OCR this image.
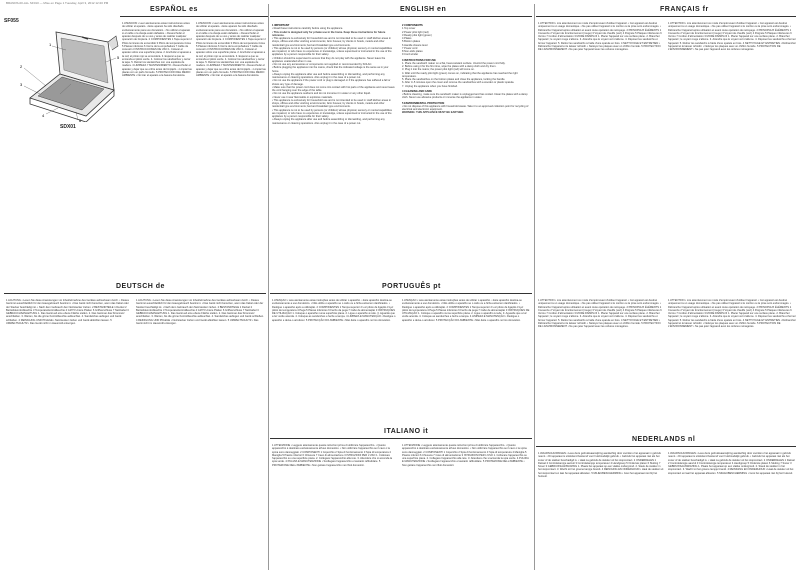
BRANDS-00-ALL SF010 — Mise en Page 1 Tuesday, April 3, 2012 12:20 PM
SF055
1
2
3
4
5
6
SDX01
ESPAÑOL es	ENGLISH en	FRANÇAIS fr
DEUTSCH de	PORTUGUÊS pt
ITALIANO it
NEDERLANDS nl
1 ATENCIÓN • Leer atentamente estas instrucciones antes de utilizar el aparato. • Este aparato ha sido diseñado exclusivamente para uso doméstico. • No utilizar el aparato si el cable o la clavija están dañados. • Desenchufar el aparato después de su uso y antes de realizar cualquier operación de limpieza. 2 COMPONENTES 1 Tapa superior 2 Piloto luminoso de encendido 3 Piloto de temperatura 4 Asa 5 Placas inferiores 6 Cierre de la empuñadura 7 Cable de conexión 3 INSTRUCCIONES DE USO 1. Colocar el aparato sobre una superficie plana. 2. Enchufar el aparato a la red; el piloto rojo se encenderá. 3. Esperar a que se encienda el piloto verde. 4. Colocar los sándwiches y cerrar la tapa. 5. Retirar los sándwiches con una espátula de madera. 4 LIMPIEZA Y MANTENIMIENTO • Desenchufar el aparato y dejar que se enfríe antes de limpiarlo. • Limpiar las placas con un paño húmedo. 5 PROTECCIÓN DEL MEDIO AMBIENTE • No tirar el aparato a la basura doméstica.
1 ATENCIÓN • Leer atentamente estas instrucciones antes de utilizar el aparato. • Este aparato ha sido diseñado exclusivamente para uso doméstico. • No utilizar el aparato si el cable o la clavija están dañados. • Desenchufar el aparato después de su uso y antes de realizar cualquier operación de limpieza. 2 COMPONENTES 1 Tapa superior 2 Piloto luminoso de encendido 3 Piloto de temperatura 4 Asa 5 Placas inferiores 6 Cierre de la empuñadura 7 Cable de conexión 3 INSTRUCCIONES DE USO 1. Colocar el aparato sobre una superficie plana. 2. Enchufar el aparato a la red; el piloto rojo se encenderá. 3. Esperar a que se encienda el piloto verde. 4. Colocar los sándwiches y cerrar la tapa. 5. Retirar los sándwiches con una espátula de madera. 4 LIMPIEZA Y MANTENIMIENTO • Desenchufar el aparato y dejar que se enfríe antes de limpiarlo. • Limpiar las placas con un paño húmedo. 5 PROTECCIÓN DEL MEDIO AMBIENTE • No tirar el aparato a la basura doméstica.
1 IMPORTANT

• Read these instructions carefully before using the appliance.

• This model is designed only for private use in the home. Keep these instructions for future reference.

• This appliance is exclusively for household use and is not intended to be used in: staff kitchen areas in shops, offices and other working environments; farm houses; by clients in hotels, motels and other residential type environments; bed and breakfast type environments.

• This appliance is not to be used by persons (or children) whose physical, sensory or mental capabilities are impaired, or who have no experience or knowledge, unless supervised or instructed in the use of the appliance by a person responsible for their safety.

• Children should be supervised to ensure that they do not play with the appliance. Never leave the appliance unattended when in use.

• Do not use any accessories or components not supplied or recommended by SOLAC.

• Before plugging the appliance into the mains, check that the indicated voltage is the same as in your home.

• Always unplug the appliance after use and before assembling or dismantling, and performing any maintenance or cleaning operations. Also unplug it in the case of a power cut.

• Do not use the appliance if the power cord or plug is damaged or if the appliance has suffered a fall or shows any type of damage.

• Make sure that the power cord does not come into contact with hot parts of the appliance and never leave the cord hanging over the edge of the table.

• Do not use the appliance outdoors and do not immerse it in water or any other liquid.

• Never use it near flammable or explosive materials.

• This appliance is exclusively for household use and is not intended to be used in: staff kitchen areas in shops, offices and other working environments; farm houses; by clients in hotels, motels and other residential type environments; bed and breakfast type environments.

• This appliance is not to be used by persons (or children) whose physical, sensory or mental capabilities are impaired, or who have no experience or knowledge, unless supervised or instructed in the use of the appliance by a person responsible for their safety.

• Always unplug the appliance after use and before assembling or dismantling, and performing any maintenance or cleaning operations. Also unplug it in the case of a power cut.

2 COMPONENTS
1 Top cover
2 Power pilot light (red)
3 Ready pilot light (green)
4 Plates
5 Bottom plates
6 Handle closure lever
7 Power cord
8 Non-stick plates
9 Cord winder
3 INSTRUCTIONS FOR USE
1. Place the sandwich maker on a flat, heat-resistant surface. Unwind the power cord fully.
2. Before using it for the first time, wipe the plates with a damp cloth and dry them.
3. Plug it into the mains; the power pilot light (red) will come on.
4. Wait until the ready pilot light (green) comes on, indicating that the appliance has reached the right temperature.
5. Place the sandwiches on the bottom plates and close the appliance, locking the handle.
6. After 3–5 minutes open the cover and remove the sandwiches with a wooden or plastic spatula.
7. Unplug the appliance when you have finished.
4 CLEANING AND CARE

• Before cleaning, make sure the sandwich maker is unplugged and has cooled. Clean the plates with a damp cloth. Never use abrasive products or immerse the appliance in water.

5 ENVIRONMENTAL PROTECTION

• Do not dispose of this appliance with household waste. Take it to an approved collection point for recycling of electrical and electronic equipment.

WARNING: THIS APPLIANCE MUST BE EARTHED.

1 ATTENTION • Lire attentivement ce mode d'emploi avant d'utiliser l'appareil. • Cet appareil est destiné uniquement à un usage domestique. • Ne pas utiliser l'appareil si le cordon ou la prise sont endommagés. • Débrancher l'appareil après utilisation et avant toute opération de nettoyage. 2 PRINCIPAUX ÉLÉMENTS 1 Couvercle 2 Voyant de fonctionnement (rouge) 3 Voyant de chauffe (vert) 4 Poignée 5 Plaques inférieures 6 Verrou 7 Cordon d'alimentation 3 MODE D'EMPLOI 1. Placer l'appareil sur une surface plane. 2. Brancher l'appareil ; le voyant rouge s'allume. 3. Attendre que le voyant vert s'allume. 4. Déposer les sandwichs et fermer l'appareil. 5. Retirer les sandwichs à l'aide d'une spatule en bois. 4 NETTOYAGE ET ENTRETIEN • Débrancher l'appareil et le laisser refroidir. • Nettoyer les plaques avec un chiffon humide. 5 PROTECTION DE L'ENVIRONNEMENT • Ne pas jeter l'appareil avec les ordures ménagères.
1 ATTENTION • Lire attentivement ce mode d'emploi avant d'utiliser l'appareil. • Cet appareil est destiné uniquement à un usage domestique. • Ne pas utiliser l'appareil si le cordon ou la prise sont endommagés. • Débrancher l'appareil après utilisation et avant toute opération de nettoyage. 2 PRINCIPAUX ÉLÉMENTS 1 Couvercle 2 Voyant de fonctionnement (rouge) 3 Voyant de chauffe (vert) 4 Poignée 5 Plaques inférieures 6 Verrou 7 Cordon d'alimentation 3 MODE D'EMPLOI 1. Placer l'appareil sur une surface plane. 2. Brancher l'appareil ; le voyant rouge s'allume. 3. Attendre que le voyant vert s'allume. 4. Déposer les sandwichs et fermer l'appareil. 5. Retirer les sandwichs à l'aide d'une spatule en bois. 4 NETTOYAGE ET ENTRETIEN • Débrancher l'appareil et le laisser refroidir. • Nettoyer les plaques avec un chiffon humide. 5 PROTECTION DE L'ENVIRONNEMENT • Ne pas jeter l'appareil avec les ordures ménagères.
1 ACHTUNG • Lesen Sie diese Anweisungen vor Inbetriebnahme des Gerätes aufmerksam durch. • Dieses Gerät ist ausschließlich für den Hausgebrauch bestimmt. • Das Gerät nicht benutzen, wenn das Kabel oder der Stecker beschädigt ist. • Nach dem Gebrauch den Netzstecker ziehen. 2 BESTANDTEILE 1 Deckel 2 Betriebskontrollleuchte 3 Temperaturkontrollleuchte 4 Griff 5 Untere Platten 6 Griffverschluss 7 Netzkabel 3 GEBRAUCHSANLEITUNG 1. Das Gerät auf eine ebene Fläche stellen. 2. Das Gerät an das Stromnetz anschließen. 3. Warten, bis die grüne Kontrollleuchte aufleuchtet. 4. Sandwiches auflegen und Gerät schließen. 4 REINIGUNG UND PFLEGE • Netzstecker ziehen und Gerät abkühlen lassen. 5 UMWELTSCHUTZ • Das Gerät nicht im Hausmüll entsorgen.
1 ACHTUNG • Lesen Sie diese Anweisungen vor Inbetriebnahme des Gerätes aufmerksam durch. • Dieses Gerät ist ausschließlich für den Hausgebrauch bestimmt. • Das Gerät nicht benutzen, wenn das Kabel oder der Stecker beschädigt ist. • Nach dem Gebrauch den Netzstecker ziehen. 2 BESTANDTEILE 1 Deckel 2 Betriebskontrollleuchte 3 Temperaturkontrollleuchte 4 Griff 5 Untere Platten 6 Griffverschluss 7 Netzkabel 3 GEBRAUCHSANLEITUNG 1. Das Gerät auf eine ebene Fläche stellen. 2. Das Gerät an das Stromnetz anschließen. 3. Warten, bis die grüne Kontrollleuchte aufleuchtet. 4. Sandwiches auflegen und Gerät schließen. 4 REINIGUNG UND PFLEGE • Netzstecker ziehen und Gerät abkühlen lassen. 5 UMWELTSCHUTZ • Das Gerät nicht im Hausmüll entsorgen.
1 ATENÇÃO • Leia atentamente estas instruções antes de utilizar o aparelho. • Este aparelho destina-se exclusivamente a uso doméstico. • Não utilize o aparelho se o cabo ou a ficha estiverem danificados. • Desligue o aparelho após a utilização. 2 COMPONENTES 1 Tampa superior 2 Luz piloto de ligação 3 Luz piloto de temperatura 4 Pega 5 Placas inferiores 6 Fecho da pega 7 Cabo de alimentação 3 INSTRUÇÕES DE UTILIZAÇÃO 1. Coloque o aparelho numa superfície plana. 2. Ligue o aparelho à rede. 3. Aguarde que a luz verde acenda. 4. Coloque as sanduíches e feche a tampa. 4 LIMPEZA E MANUTENÇÃO • Desligue o aparelho e deixe-o arrefecer. 5 PROTECÇÃO DO AMBIENTE • Não deite o aparelho no lixo doméstico.
1 ATENÇÃO • Leia atentamente estas instruções antes de utilizar o aparelho. • Este aparelho destina-se exclusivamente a uso doméstico. • Não utilize o aparelho se o cabo ou a ficha estiverem danificados. • Desligue o aparelho após a utilização. 2 COMPONENTES 1 Tampa superior 2 Luz piloto de ligação 3 Luz piloto de temperatura 4 Pega 5 Placas inferiores 6 Fecho da pega 7 Cabo de alimentação 3 INSTRUÇÕES DE UTILIZAÇÃO 1. Coloque o aparelho numa superfície plana. 2. Ligue o aparelho à rede. 3. Aguarde que a luz verde acenda. 4. Coloque as sanduíches e feche a tampa. 4 LIMPEZA E MANUTENÇÃO • Desligue o aparelho e deixe-o arrefecer. 5 PROTECÇÃO DO AMBIENTE • Não deite o aparelho no lixo doméstico.
1 ATTENZIONE • Leggere attentamente queste istruzioni prima di utilizzare l'apparecchio. • Questo apparecchio è destinato esclusivamente all'uso domestico. • Non utilizzare l'apparecchio se il cavo o la spina sono danneggiati. 2 COMPONENTI 1 Coperchio 2 Spia di funzionamento 3 Spia di temperatura 4 Maniglia 5 Piastre inferiori 6 Chiusura 7 Cavo di alimentazione 3 ISTRUZIONI PER L'USO 1. Collocare l'apparecchio su una superficie piana. 2. Collegare l'apparecchio alla rete. 3. Attendere che si accenda la spia verde. 4 PULIZIA E MANUTENZIONE • Scollegare l'apparecchio e lasciarlo raffreddare. 5 PROTEZIONE DELL'AMBIENTE • Non gettare l'apparecchio nei rifiuti domestici.
1 ATTENZIONE • Leggere attentamente queste istruzioni prima di utilizzare l'apparecchio. • Questo apparecchio è destinato esclusivamente all'uso domestico. • Non utilizzare l'apparecchio se il cavo o la spina sono danneggiati. 2 COMPONENTI 1 Coperchio 2 Spia di funzionamento 3 Spia di temperatura 4 Maniglia 5 Piastre inferiori 6 Chiusura 7 Cavo di alimentazione 3 ISTRUZIONI PER L'USO 1. Collocare l'apparecchio su una superficie piana. 2. Collegare l'apparecchio alla rete. 3. Attendere che si accenda la spia verde. 4 PULIZIA E MANUTENZIONE • Scollegare l'apparecchio e lasciarlo raffreddare. 5 PROTEZIONE DELL'AMBIENTE • Non gettare l'apparecchio nei rifiuti domestici.
1 ATTENTION • Lire attentivement ce mode d'emploi avant d'utiliser l'appareil. • Cet appareil est destiné uniquement à un usage domestique. • Ne pas utiliser l'appareil si le cordon ou la prise sont endommagés. • Débrancher l'appareil après utilisation et avant toute opération de nettoyage. 2 PRINCIPAUX ÉLÉMENTS 1 Couvercle 2 Voyant de fonctionnement (rouge) 3 Voyant de chauffe (vert) 4 Poignée 5 Plaques inférieures 6 Verrou 7 Cordon d'alimentation 3 MODE D'EMPLOI 1. Placer l'appareil sur une surface plane. 2. Brancher l'appareil ; le voyant rouge s'allume. 3. Attendre que le voyant vert s'allume. 4. Déposer les sandwichs et fermer l'appareil. 5. Retirer les sandwichs à l'aide d'une spatule en bois. 4 NETTOYAGE ET ENTRETIEN • Débrancher l'appareil et le laisser refroidir. • Nettoyer les plaques avec un chiffon humide. 5 PROTECTION DE L'ENVIRONNEMENT • Ne pas jeter l'appareil avec les ordures ménagères.
1 ATTENTION • Lire attentivement ce mode d'emploi avant d'utiliser l'appareil. • Cet appareil est destiné uniquement à un usage domestique. • Ne pas utiliser l'appareil si le cordon ou la prise sont endommagés. • Débrancher l'appareil après utilisation et avant toute opération de nettoyage. 2 PRINCIPAUX ÉLÉMENTS 1 Couvercle 2 Voyant de fonctionnement (rouge) 3 Voyant de chauffe (vert) 4 Poignée 5 Plaques inférieures 6 Verrou 7 Cordon d'alimentation 3 MODE D'EMPLOI 1. Placer l'appareil sur une surface plane. 2. Brancher l'appareil ; le voyant rouge s'allume. 3. Attendre que le voyant vert s'allume. 4. Déposer les sandwichs et fermer l'appareil. 5. Retirer les sandwichs à l'aide d'une spatule en bois. 4 NETTOYAGE ET ENTRETIEN • Débrancher l'appareil et le laisser refroidir. • Nettoyer les plaques avec un chiffon humide. 5 PROTECTION DE L'ENVIRONNEMENT • Ne pas jeter l'appareil avec les ordures ménagères.
1 WAARSCHUWINGEN • Lees deze gebruiksaanwijzing aandachtig door voordat u het apparaat in gebruik neemt. • Dit apparaat is uitsluitend bestemd voor huishoudelijk gebruik. • Gebruik het apparaat niet als het snoer of de stekker beschadigd is. • Haal na gebruik de stekker uit het stopcontact. 2 ONDERDELEN 1 Deksel 2 Controlelampje aan/uit 3 Controlelampje temperatuur 4 Handgreep 5 Onderste platen 6 Sluiting 7 Snoer 3 GEBRUIKSAANWIJZING 1. Plaats het apparaat op een vlakke ondergrond. 2. Steek de stekker in het stopcontact. 3. Wacht tot het groene lampje brandt. 4 REINIGING EN ONDERHOUD • Haal de stekker uit het stopcontact en laat het apparaat afkoelen. 5 MILIEUBESCHERMING • Gooi het apparaat niet bij het huisvuil.
1 WAARSCHUWINGEN • Lees deze gebruiksaanwijzing aandachtig door voordat u het apparaat in gebruik neemt. • Dit apparaat is uitsluitend bestemd voor huishoudelijk gebruik. • Gebruik het apparaat niet als het snoer of de stekker beschadigd is. • Haal na gebruik de stekker uit het stopcontact. 2 ONDERDELEN 1 Deksel 2 Controlelampje aan/uit 3 Controlelampje temperatuur 4 Handgreep 5 Onderste platen 6 Sluiting 7 Snoer 3 GEBRUIKSAANWIJZING 1. Plaats het apparaat op een vlakke ondergrond. 2. Steek de stekker in het stopcontact. 3. Wacht tot het groene lampje brandt. 4 REINIGING EN ONDERHOUD • Haal de stekker uit het stopcontact en laat het apparaat afkoelen. 5 MILIEUBESCHERMING • Gooi het apparaat niet bij het huisvuil.
